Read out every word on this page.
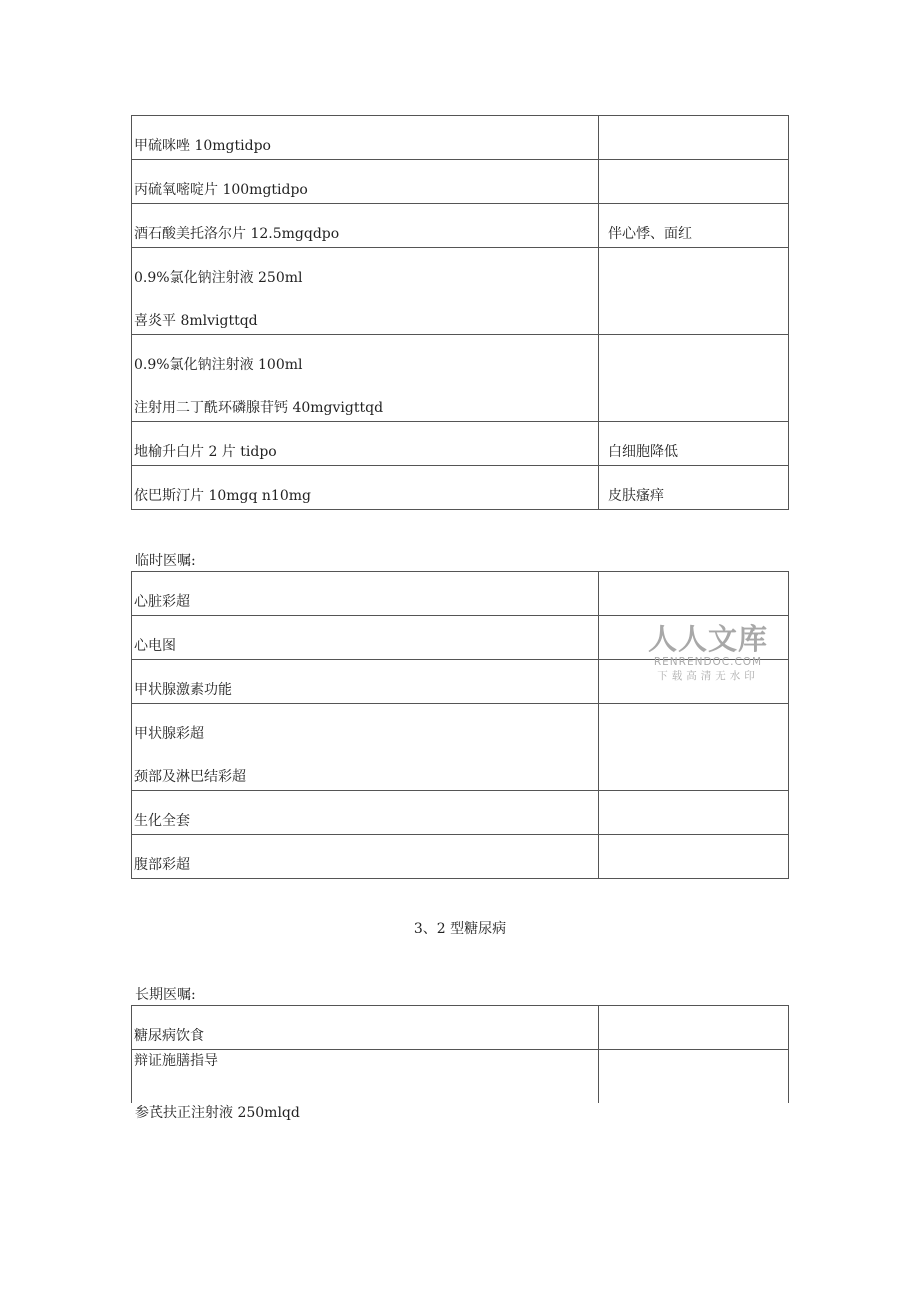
甲硫咪唑 10mgtidpo	
丙硫氧嘧啶片 100mgtidpo	
酒石酸美托洛尔片 12.5mgqdpo	伴心悸、面红
0.9%氯化钠注射液 250ml
喜炎平 8mlvigttqd	

0.9%氯化钠注射液 100ml
注射用二丁酰环磷腺苷钙 40mgvigttqd	

地榆升白片 2 片 tidpo	白细胞降低
依巴斯汀片 10mgq n10mg	皮肤瘙痒
临时医嘱:
心脏彩超	
心电图	
甲状腺激素功能	
甲状腺彩超
颈部及淋巴结彩超	

生化全套	
腹部彩超	
3、2 型糖尿病
长期医嘱:
糖尿病饮食	
辩证施膳指导	
参芪扶正注射液 250mlqd
人人文库
RENRENDOC.COM
下载高清无水印
